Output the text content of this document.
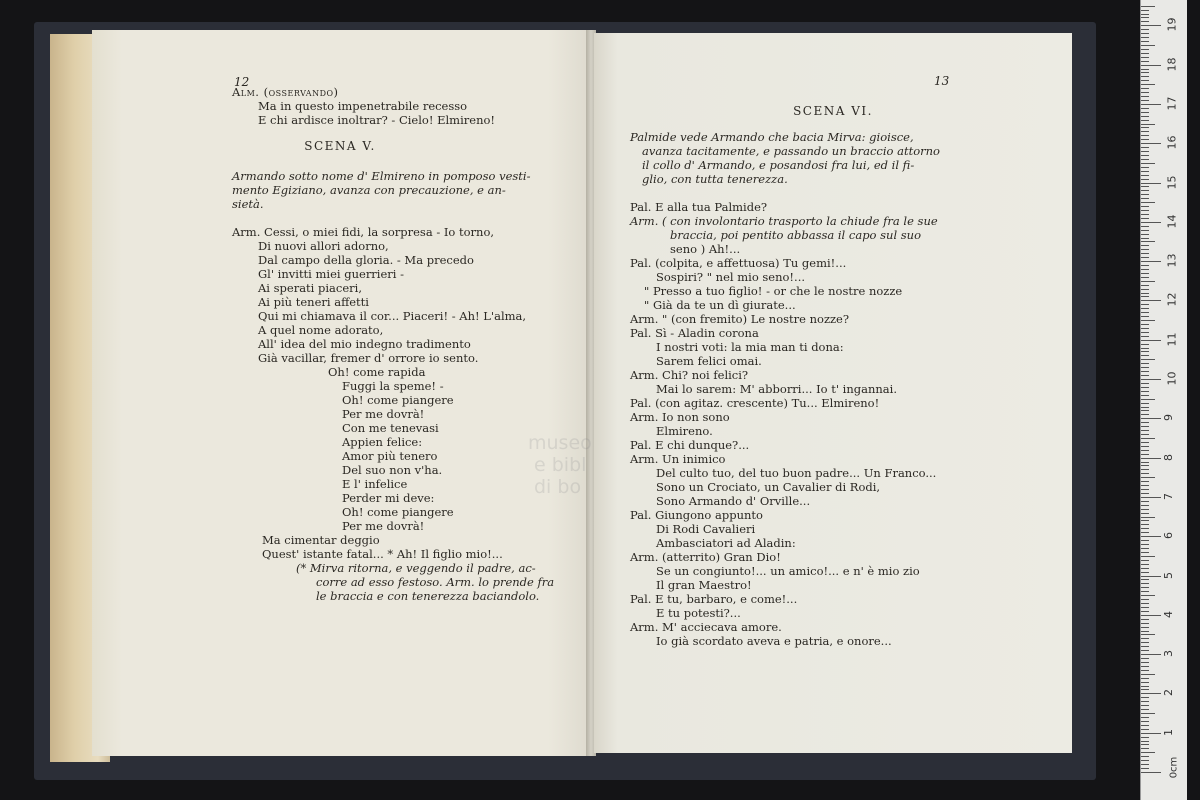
12
Alm. (osservando)
Ma in questo impenetrabile recesso
E chi ardisce inoltrar? - Cielo! Elmireno!
SCENA V.
Armando sotto nome d' Elmireno in pomposo vesti-
mento Egiziano, avanza con precauzione, e an-
sietà.
Arm. Cessi, o miei fidi, la sorpresa - Io torno,
Di nuovi allori adorno,
Dal campo della gloria. - Ma precedo
Gl' invitti miei guerrieri -
Ai sperati piaceri,
Ai più teneri affetti
Qui mi chiamava il cor... Piaceri! - Ah! L'alma,
A quel nome adorato,
All' idea del mio indegno tradimento
Già vacillar, fremer d' orrore io sento.
Oh! come rapida
Fuggi la speme! -
Oh! come piangere
Per me dovrà!
Con me tenevasi
Appien felice:
Amor più tenero
Del suo non v'ha.
E l' infelice
Perder mi deve:
Oh! come piangere
Per me dovrà!
Ma cimentar deggio
Quest' istante fatal... * Ah! Il figlio mio!...
(* Mirva ritorna, e veggendo il padre, ac-
corre ad esso festoso. Arm. lo prende fra
le braccia e con tenerezza baciandolo.
13
SCENA VI.
Palmide vede Armando che bacia Mirva: gioisce,
avanza tacitamente, e passando un braccio attorno
il collo d' Armando, e posandosi fra lui, ed il fi-
glio, con tutta tenerezza.
Pal. E alla tua Palmide?
Arm. ( con involontario trasporto la chiude fra le sue
braccia, poi pentito abbassa il capo sul suo
seno ) Ah!...
Pal. (colpita, e affettuosa) Tu gemi!...
Sospiri? " nel mio seno!...
" Presso a tuo figlio! - or che le nostre nozze
" Già da te un dì giurate...
Arm. " (con fremito) Le nostre nozze?
Pal. Sì - Aladin corona
I nostri voti: la mia man ti dona:
Sarem felici omai.
Arm. Chi? noi felici?
Mai lo sarem: M' abborri... Io t' ingannai.
Pal. (con agitaz. crescente) Tu... Elmireno!
Arm. Io non sono
Elmireno.
Pal. E chi dunque?...
Arm. Un inimico
Del culto tuo, del tuo buon padre... Un Franco...
Sono un Crociato, un Cavalier di Rodi,
Sono Armando d' Orville...
Pal. Giungono appunto
Di Rodi Cavalieri
Ambasciatori ad Aladin:
Arm. (atterrito) Gran Dio!
Se un congiunto!... un amico!... e n' è mio zio
Il gran Maestro!
Pal. E tu, barbaro, e come!...
E tu potesti?...
Arm. M' acciecava amore.
Io già scordato aveva e patria, e onore...
museo
e bibl
di bo
0cm
1
2
3
4
5
6
7
8
9
10
11
12
13
14
15
16
17
18
19
